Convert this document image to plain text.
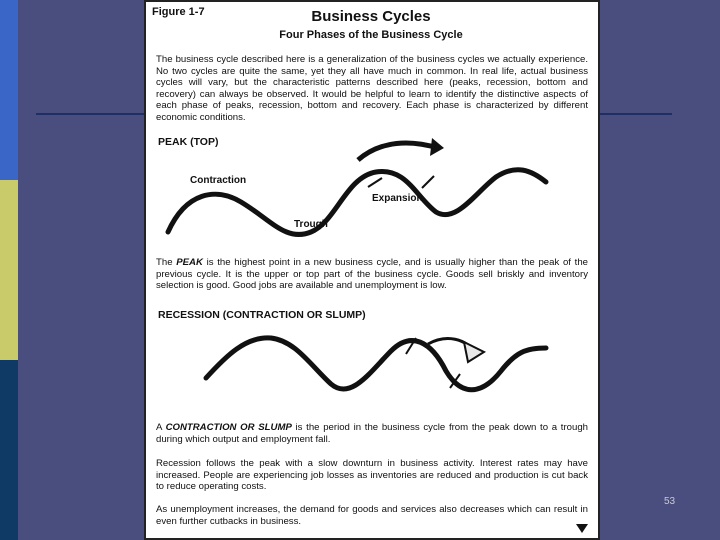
Figure 1-7	Business Cycles
Four Phases of the Business Cycle
The business cycle described here is a generalization of the business cycles we actually experience. No two cycles are quite the same, yet they all have much in common. In real life, actual business cycles will vary, but the characteristic patterns described here (peaks, recession, bottom and recovery) can always be observed. It would be helpful to learn to identify the distinctive aspects of each phase of peaks, recession, bottom and recovery. Each phase is characterized by different economic conditions.
PEAK (TOP)
Contraction
Expansion
Trough
The PEAK is the highest point in a new business cycle, and is usually higher than the peak of the previous cycle. It is the upper or top part of the business cycle. Goods sell briskly and inventory selection is good. Good jobs are available and unemployment is low.
RECESSION (CONTRACTION OR SLUMP)
A CONTRACTION OR SLUMP is the period in the business cycle from the peak down to a trough during which output and employment fall.
Recession follows the peak with a slow downturn in business activity. Interest rates may have increased. People are experiencing job losses as inventories are reduced and production is cut back to reduce operating costs.
As unemployment increases, the demand for goods and services also decreases which can result in even further cutbacks in business.
53
